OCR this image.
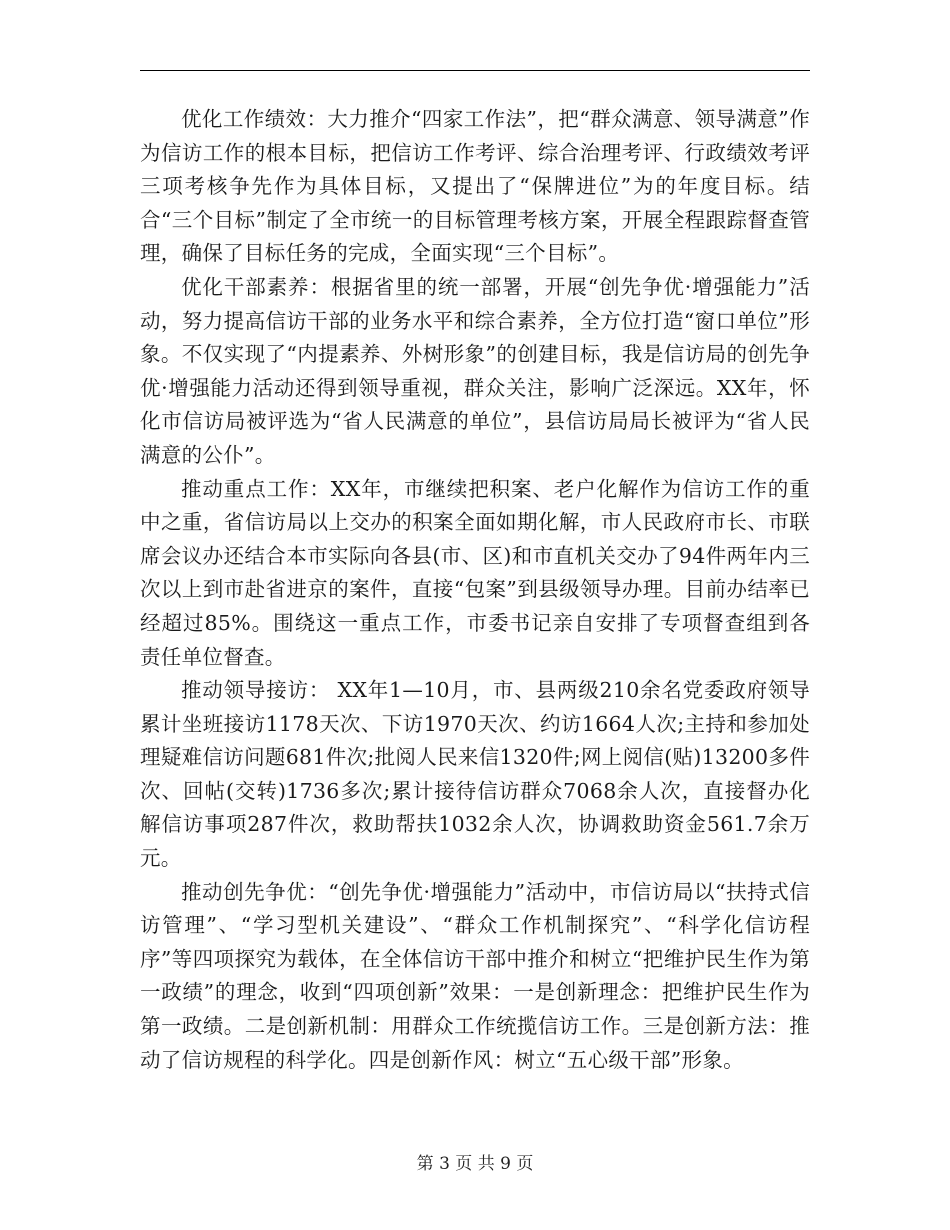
优化工作绩效：大力推介“四家工作法”，把“群众满意、领导满意”作为信访工作的根本目标，把信访工作考评、综合治理考评、行政绩效考评三项考核争先作为具体目标，又提出了“保牌进位”为的年度目标。结合“三个目标”制定了全市统一的目标管理考核方案，开展全程跟踪督查管理，确保了目标任务的完成，全面实现“三个目标”。

优化干部素养：根据省里的统一部署，开展“创先争优·增强能力”活动，努力提高信访干部的业务水平和综合素养，全方位打造“窗口单位”形象。不仅实现了“内提素养、外树形象”的创建目标，我是信访局的创先争优·增强能力活动还得到领导重视，群众关注，影响广泛深远。XX年，怀化市信访局被评选为“省人民满意的单位”，县信访局局长被评为“省人民满意的公仆”。

推动重点工作：XX年，市继续把积案、老户化解作为信访工作的重中之重，省信访局以上交办的积案全面如期化解，市人民政府市长、市联席会议办还结合本市实际向各县(市、区)和市直机关交办了94件两年内三次以上到市赴省进京的案件，直接“包案”到县级领导办理。目前办结率已经超过85%。围绕这一重点工作，市委书记亲自安排了专项督查组到各责任单位督查。

推动领导接访： XX年1—10月，市、县两级210余名党委政府领导累计坐班接访1178天次、下访1970天次、约访1664人次;主持和参加处理疑难信访问题681件次;批阅人民来信1320件;网上阅信(贴)13200多件次、回帖(交转)1736多次;累计接待信访群众7068余人次，直接督办化解信访事项287件次，救助帮扶1032余人次，协调救助资金561.7余万元。

推动创先争优：“创先争优·增强能力”活动中，市信访局以“扶持式信访管理”、“学习型机关建设”、“群众工作机制探究”、“科学化信访程序”等四项探究为载体，在全体信访干部中推介和树立“把维护民生作为第一政绩”的理念，收到“四项创新”效果：一是创新理念：把维护民生作为第一政绩。二是创新机制：用群众工作统揽信访工作。三是创新方法：推动了信访规程的科学化。四是创新作风：树立“五心级干部”形象。

第 3 页 共 9 页
